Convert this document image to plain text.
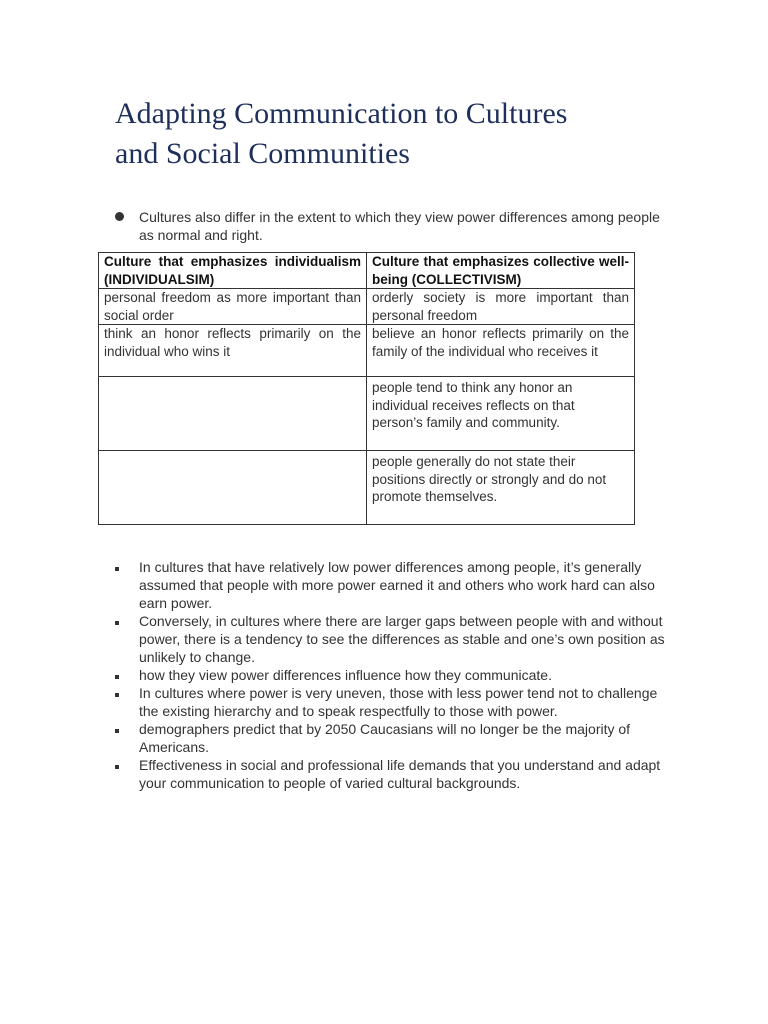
Adapting Communication to Cultures
and Social Communities
Cultures also differ in the extent to which they view power differences among people as normal and right.
Culture that emphasizes individualism (INDIVIDUALSIM)	Culture that emphasizes collective well-being (COLLECTIVISM)
personal freedom as more important than social order	orderly society is more important than personal freedom
think an honor reflects primarily on the individual who wins it	believe an honor reflects primarily on the family of the individual who receives it
	people tend to think any honor an individual receives reflects on that person’s family and community.
	people generally do not state their positions directly or strongly and do not promote themselves.
In cultures that have relatively low power differences among people, it’s generally assumed that people with more power earned it and others who work hard can also earn power.
Conversely, in cultures where there are larger gaps between people with and without power, there is a tendency to see the differences as stable and one’s own position as unlikely to change.
how they view power differences influence how they communicate.
In cultures where power is very uneven, those with less power tend not to challenge the existing hierarchy and to speak respectfully to those with power.
demographers predict that by 2050 Caucasians will no longer be the majority of Americans.
Effectiveness in social and professional life demands that you understand and adapt your communication to people of varied cultural backgrounds.
